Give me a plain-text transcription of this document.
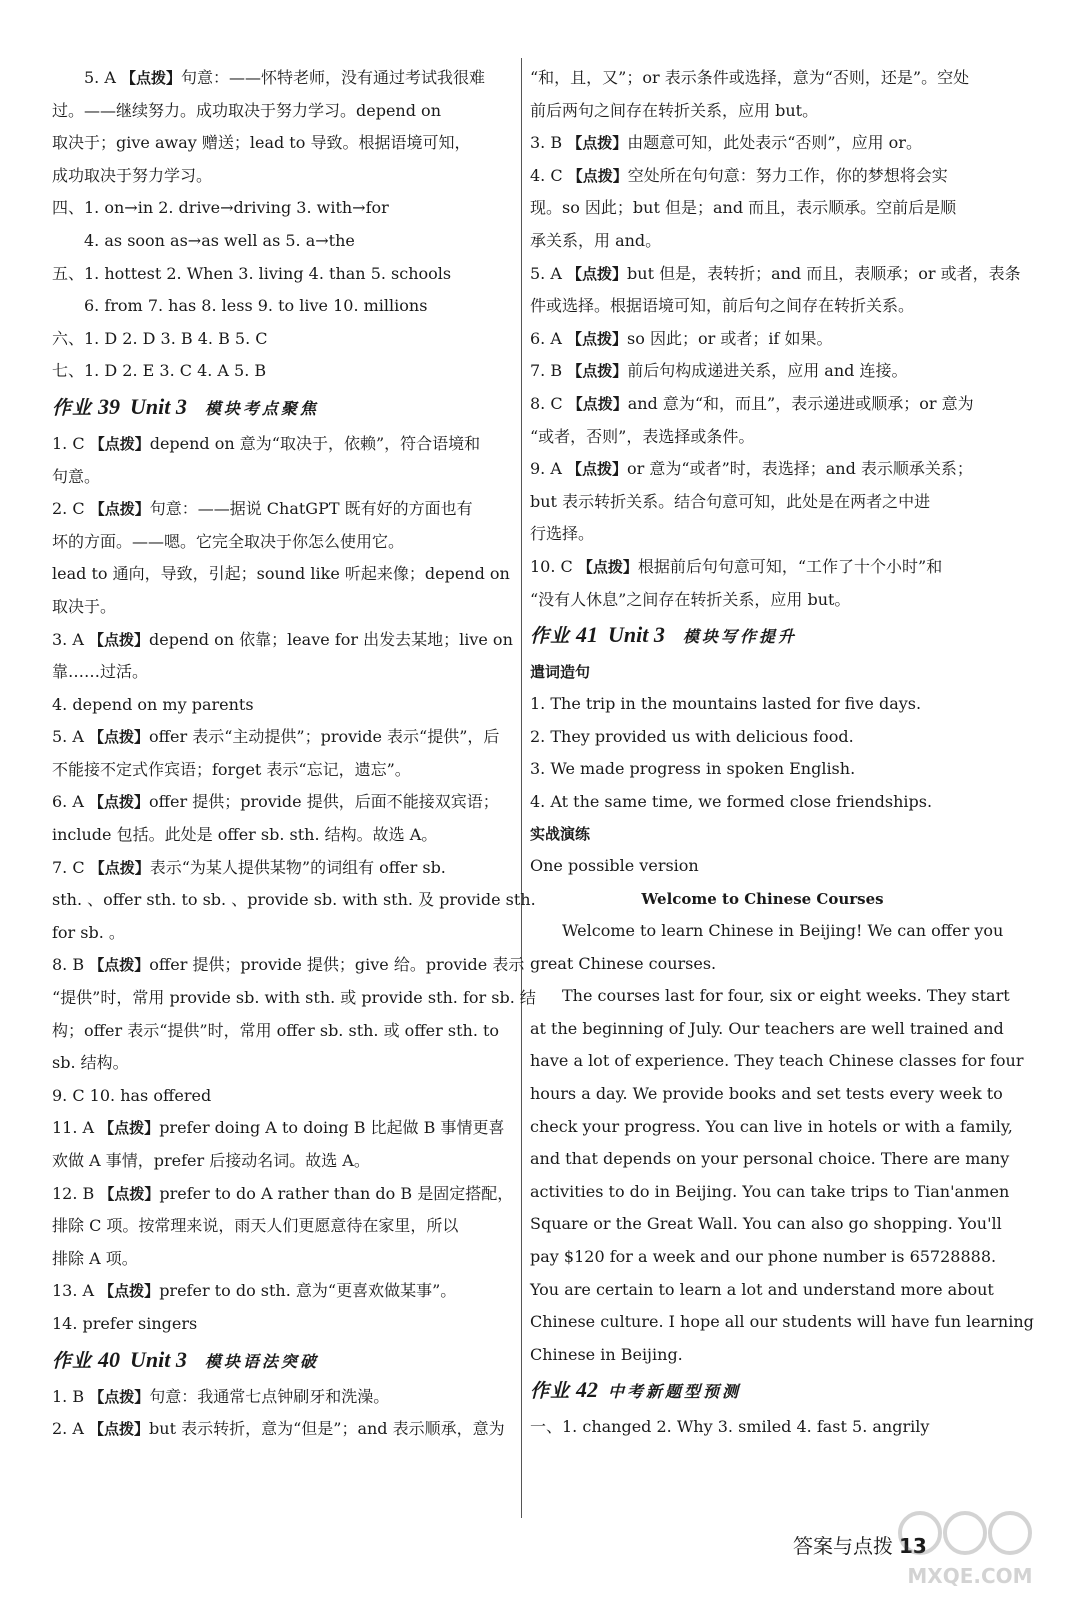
5. A 【点拨】句意：——怀特老师，没有通过考试我很难
过。——继续努力。成功取决于努力学习。depend on
取决于；give away 赠送；lead to 导致。根据语境可知，
成功取决于努力学习。
四、1. on→in 2. drive→driving 3. with→for
4. as soon as→as well as 5. a→the
五、1. hottest 2. When 3. living 4. than 5. schools
6. from 7. has 8. less 9. to live 10. millions
六、1. D 2. D 3. B 4. B 5. C
七、1. D 2. E 3. C 4. A 5. B
作业 39 Unit 3 模块考点聚焦
1. C 【点拨】depend on 意为“取决于，依赖”，符合语境和
句意。
2. C 【点拨】句意：——据说 ChatGPT 既有好的方面也有
坏的方面。——嗯。它完全取决于你怎么使用它。
lead to 通向，导致，引起；sound like 听起来像；depend on
取决于。
3. A 【点拨】depend on 依靠；leave for 出发去某地；live on
靠……过活。
4. depend on my parents
5. A 【点拨】offer 表示“主动提供”；provide 表示“提供”，后
不能接不定式作宾语；forget 表示“忘记，遗忘”。
6. A 【点拨】offer 提供；provide 提供，后面不能接双宾语；
include 包括。此处是 offer sb. sth. 结构。故选 A。
7. C 【点拨】表示“为某人提供某物”的词组有 offer sb.
sth. 、offer sth. to sb. 、provide sb. with sth. 及 provide sth.
for sb. 。
8. B 【点拨】offer 提供；provide 提供；give 给。provide 表示
“提供”时，常用 provide sb. with sth. 或 provide sth. for sb. 结
构；offer 表示“提供”时，常用 offer sb. sth. 或 offer sth. to
sb. 结构。
9. C 10. has offered
11. A 【点拨】prefer doing A to doing B 比起做 B 事情更喜
欢做 A 事情，prefer 后接动名词。故选 A。
12. B 【点拨】prefer to do A rather than do B 是固定搭配，
排除 C 项。按常理来说，雨天人们更愿意待在家里，所以
排除 A 项。
13. A 【点拨】prefer to do sth. 意为“更喜欢做某事”。
14. prefer singers
作业 40 Unit 3 模块语法突破
1. B 【点拨】句意：我通常七点钟刷牙和洗澡。
2. A 【点拨】but 表示转折，意为“但是”；and 表示顺承，意为
“和，且，又”；or 表示条件或选择，意为“否则，还是”。空处
前后两句之间存在转折关系，应用 but。
3. B 【点拨】由题意可知，此处表示“否则”，应用 or。
4. C 【点拨】空处所在句句意：努力工作，你的梦想将会实
现。so 因此；but 但是；and 而且，表示顺承。空前后是顺
承关系，用 and。
5. A 【点拨】but 但是，表转折；and 而且，表顺承；or 或者，表条
件或选择。根据语境可知，前后句之间存在转折关系。
6. A 【点拨】so 因此；or 或者；if 如果。
7. B 【点拨】前后句构成递进关系，应用 and 连接。
8. C 【点拨】and 意为“和，而且”，表示递进或顺承；or 意为
“或者，否则”，表选择或条件。
9. A 【点拨】or 意为“或者”时，表选择；and 表示顺承关系；
but 表示转折关系。结合句意可知，此处是在两者之中进
行选择。
10. C 【点拨】根据前后句句意可知，“工作了十个小时”和
“没有人休息”之间存在转折关系，应用 but。
作业 41 Unit 3 模块写作提升
遣词造句
1. The trip in the mountains lasted for five days.
2. They provided us with delicious food.
3. We made progress in spoken English.
4. At the same time, we formed close friendships.
实战演练
One possible version
Welcome to Chinese Courses
Welcome to learn Chinese in Beijing! We can offer you
great Chinese courses.
The courses last for four, six or eight weeks. They start
at the beginning of July. Our teachers are well trained and
have a lot of experience. They teach Chinese classes for four
hours a day. We provide books and set tests every week to
check your progress. You can live in hotels or with a family,
and that depends on your personal choice. There are many
activities to do in Beijing. You can take trips to Tian'anmen
Square or the Great Wall. You can also go shopping. You'll
pay $120 for a week and our phone number is 65728888.
You are certain to learn a lot and understand more about
Chinese culture. I hope all our students will have fun learning
Chinese in Beijing.
作业 42 中考新题型预测
一、1. changed 2. Why 3. smiled 4. fast 5. angrily
答案与点拨 13
MXQE.COM
